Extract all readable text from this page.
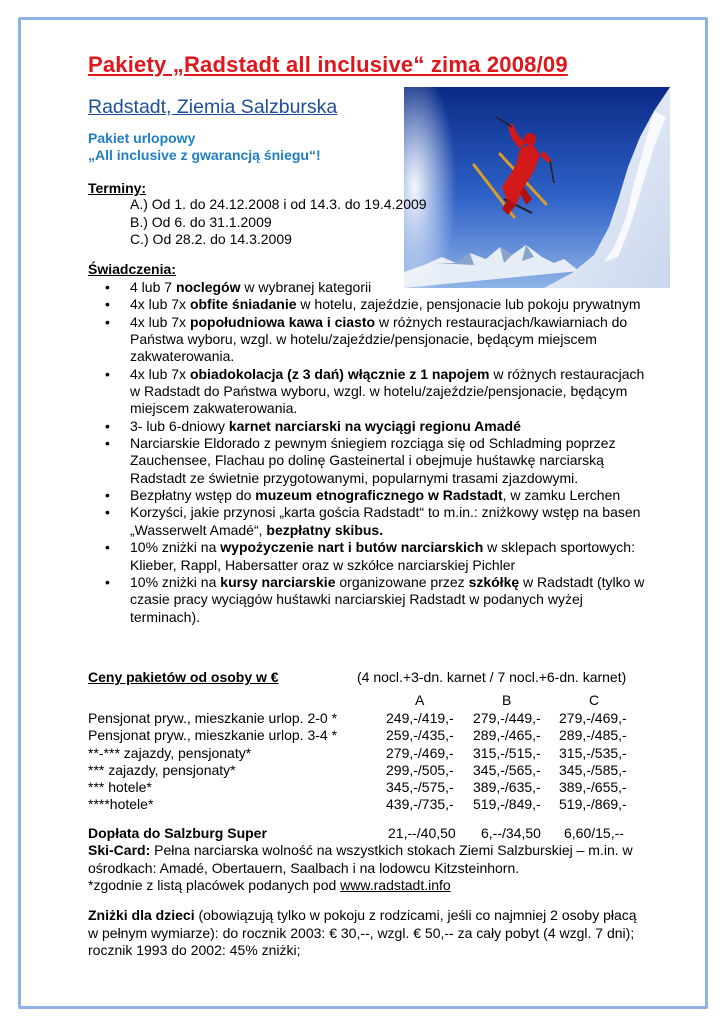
Pakiety „Radstadt all inclusive“ zima 2008/09
Radstadt, Ziemia Salzburska
Pakiet urlopowy
„All inclusive z gwarancją śniegu“!
Terminy:
A.) Od 1. do 24.12.2008 i od 14.3. do 19.4.2009
B.) Od 6. do 31.1.2009
C.) Od 28.2. do 14.3.2009
Świadczenia:
• 4 lub 7 noclegów w wybranej kategorii
• 4x lub 7x obfite śniadanie w hotelu, zajeździe, pensjonacie lub pokoju prywatnym
• 4x lub 7x popołudniowa kawa i ciasto w różnych restauracjach/kawiarniach do Państwa wyboru, wzgl. w hotelu/zajeździe/pensjonacie, będącym miejscem zakwaterowania.
• 4x lub 7x obiadokolacja (z 3 dań) włącznie z 1 napojem w różnych restauracjach w Radstadt do Państwa wyboru, wzgl. w hotelu/zajeździe/pensjonacie, będącym miejscem zakwaterowania.
• 3- lub 6-dniowy karnet narciarski na wyciągi regionu Amadé
• Narciarskie Eldorado z pewnym śniegiem rozciąga się od Schladming poprzez Zauchensee, Flachau po dolinę Gasteinertal i obejmuje huśtawkę narciarską Radstadt ze świetnie przygotowanymi, popularnymi trasami zjazdowymi.
• Bezpłatny wstęp do muzeum etnograficznego w Radstadt, w zamku Lerchen
• Korzyści, jakie przynosi „karta gościa Radstadt“ to m.in.: zniżkowy wstęp na basen „Wasserwelt Amadé“, bezpłatny skibus.
• 10% zniżki na wypożyczenie nart i butów narciarskich w sklepach sportowych: Klieber, Rappl, Habersatter oraz w szkółce narciarskiej Pichler
• 10% zniżki na kursy narciarskie organizowane przez szkółkę w Radstadt (tylko w czasie pracy wyciągów huśtawki narciarskiej Radstadt w podanych wyżej terminach).
Ceny pakietów od osoby w €	(4 nocl.+3-dn. karnet / 7 nocl.+6-dn. karnet)
A	B	C
Pensjonat pryw., mieszkanie urlop. 2-0 *	249,-/419,- 279,-/449,- 279,-/469,-
Pensjonat pryw., mieszkanie urlop. 3-4 *	259,-/435,- 289,-/465,- 289,-/485,-
**-*** zajazdy, pensjonaty*	279,-/469,- 315,-/515,- 315,-/535,-
*** zajazdy, pensjonaty*	299,-/505,- 345,-/565,- 345,-/585,-
*** hotele*	345,-/575,- 389,-/635,- 389,-/655,-
****hotele*	439,-/735,- 519,-/849,- 519,-/869,-
Dopłata do Salzburg Super	21,--/40,50 6,--/34,50 6,60/15,--
Ski-Card: Pełna narciarska wolność na wszystkich stokach Ziemi Salzburskiej – m.in. w ośrodkach: Amadé, Obertauern, Saalbach i na lodowcu Kitzsteinhorn.
*zgodnie z listą placówek podanych pod www.radstadt.info
Zniżki dla dzieci (obowiązują tylko w pokoju z rodzicami, jeśli co najmniej 2 osoby płacą w pełnym wymiarze): do rocznik 2003: € 30,--, wzgl. € 50,-- za cały pobyt (4 wzgl. 7 dni); rocznik 1993 do 2002: 45% zniżki;
